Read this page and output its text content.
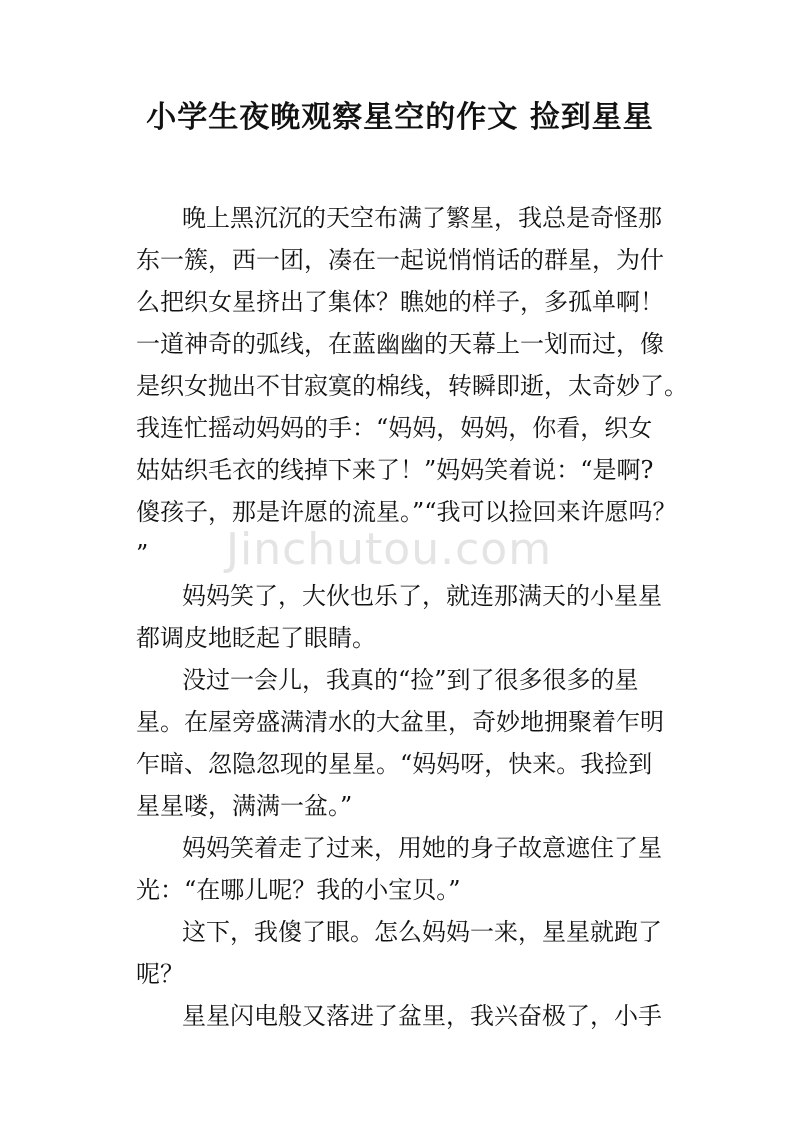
小学生夜晚观察星空的作文 捡到星星
Jinchutou.com

晚上黑沉沉的天空布满了繁星，我总是奇怪那

东一簇，西一团，凑在一起说悄悄话的群星，为什

么把织女星挤出了集体？瞧她的样子，多孤单啊！

一道神奇的弧线，在蓝幽幽的天幕上一划而过，像

是织女抛出不甘寂寞的棉线，转瞬即逝，太奇妙了。

我连忙摇动妈妈的手：“妈妈，妈妈，你看，织女

姑姑织毛衣的线掉下来了！”妈妈笑着说：“是啊?

傻孩子，那是许愿的流星。”“我可以捡回来许愿吗？

”

妈妈笑了，大伙也乐了，就连那满天的小星星

都调皮地眨起了眼睛。

没过一会儿，我真的“捡”到了很多很多的星

星。在屋旁盛满清水的大盆里，奇妙地拥聚着乍明

乍暗、忽隐忽现的星星。“妈妈呀，快来。我捡到

星星喽，满满一盆。”

妈妈笑着走了过来，用她的身子故意遮住了星

光：“在哪儿呢？我的小宝贝。”

这下，我傻了眼。怎么妈妈一来，星星就跑了

呢？

星星闪电般又落进了盆里，我兴奋极了，小手
